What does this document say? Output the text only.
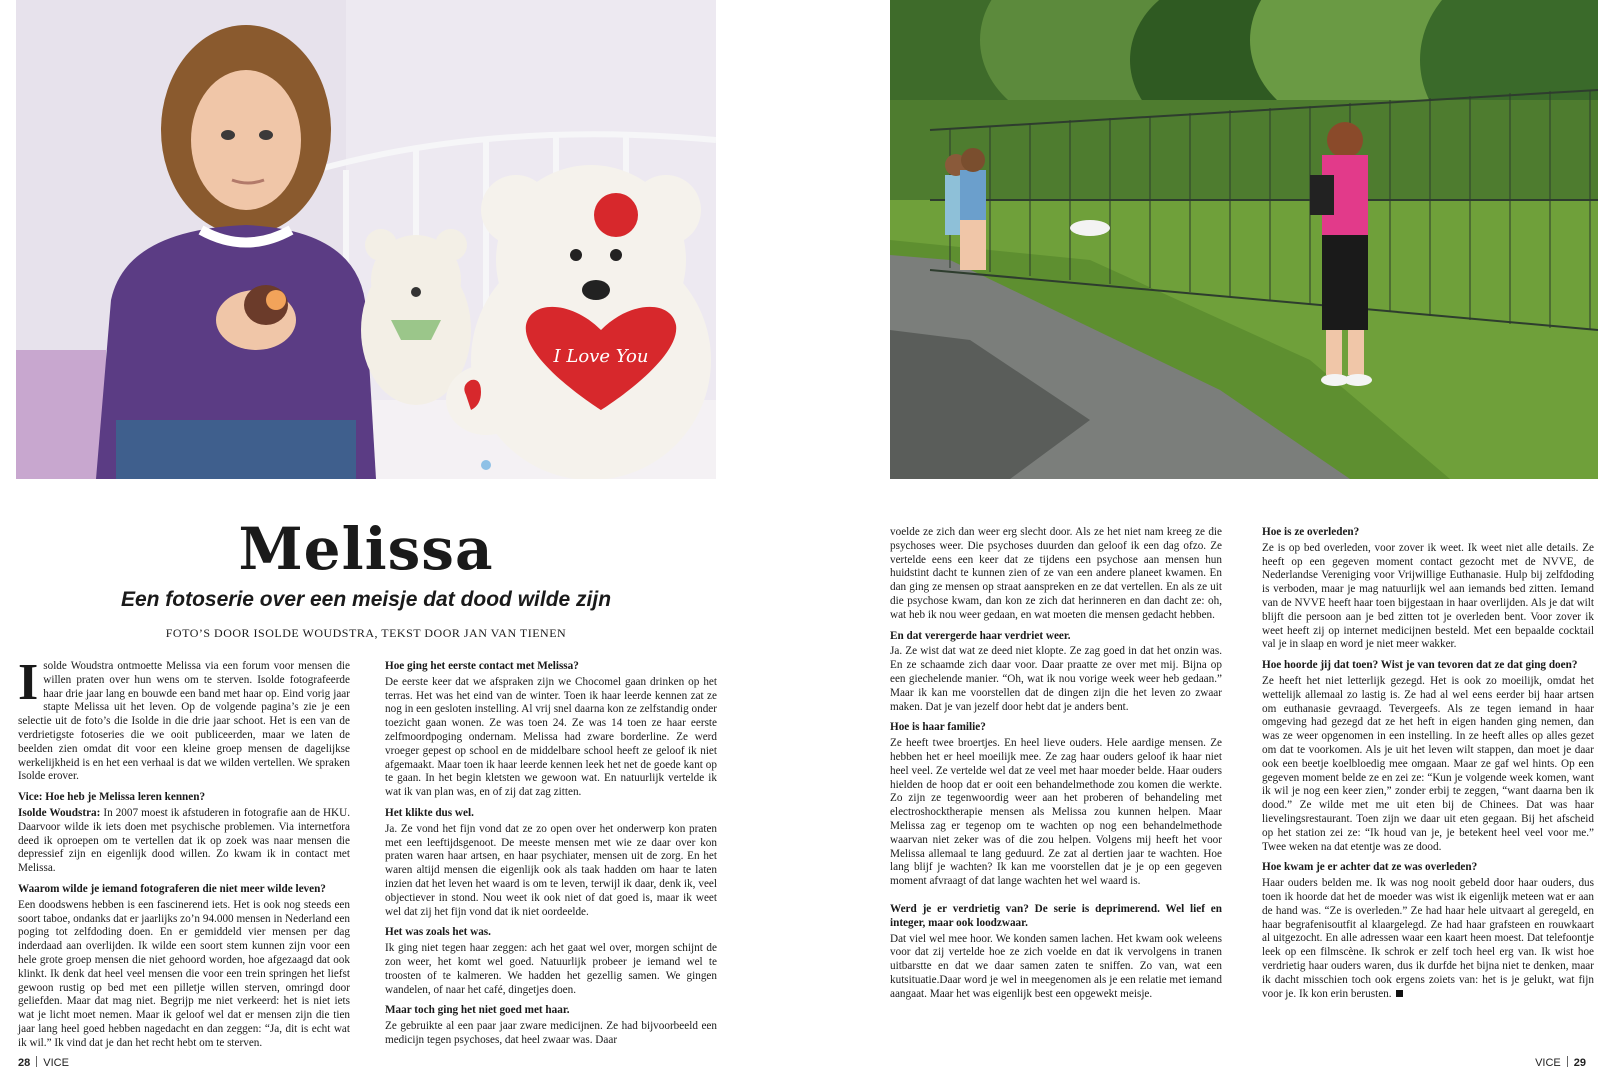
I Love You
Melissa

Een fotoserie over een meisje dat dood wilde zijn

FOTO’S DOOR ISOLDE WOUDSTRA, TEKST DOOR JAN VAN TIENEN

Isolde Woudstra ontmoette Melissa via een forum voor mensen die willen praten over hun wens om te sterven. Isolde fotografeerde haar drie jaar lang en bouwde een band met haar op. Eind vorig jaar stapte Melissa uit het leven. Op de volgende pagina’s zie je een selectie uit de foto’s die Isolde in die drie jaar schoot. Het is een van de verdrietigste fotoseries die we ooit publiceerden, maar we laten de beelden zien omdat dit voor een kleine groep mensen de dagelijkse werkelijkheid is en het een verhaal is dat we wilden vertellen. We spraken Isolde erover.

Vice: Hoe heb je Melissa leren kennen?

Isolde Woudstra: In 2007 moest ik afstuderen in fotografie aan de HKU. Daarvoor wilde ik iets doen met psychische problemen. Via internetfora deed ik oproepen om te vertellen dat ik op zoek was naar mensen die depressief zijn en eigenlijk dood willen. Zo kwam ik in contact met Melissa.

Waarom wilde je iemand fotograferen die niet meer wilde leven?

Een doodswens hebben is een fascinerend iets. Het is ook nog steeds een soort taboe, ondanks dat er jaarlijks zo’n 94.000 mensen in Nederland een poging tot zelfdoding doen. En er gemiddeld vier mensen per dag inderdaad aan overlijden. Ik wilde een soort stem kunnen zijn voor een hele grote groep mensen die niet gehoord worden, hoe afgezaagd dat ook klinkt. Ik denk dat heel veel mensen die voor een trein springen het liefst gewoon rustig op bed met een pilletje willen sterven, omringd door geliefden. Maar dat mag niet. Begrijp me niet verkeerd: het is niet iets wat je licht moet nemen. Maar ik geloof wel dat er mensen zijn die tien jaar lang heel goed hebben nagedacht en dan zeggen: “Ja, dit is echt wat ik wil.” Ik vind dat je dan het recht hebt om te sterven.

Hoe ging het eerste contact met Melissa?

De eerste keer dat we afspraken zijn we Chocomel gaan drinken op het terras. Het was het eind van de winter. Toen ik haar leerde kennen zat ze nog in een gesloten instelling. Al vrij snel daarna kon ze zelfstandig onder toezicht gaan wonen. Ze was toen 24. Ze was 14 toen ze haar eerste zelfmoordpoging ondernam. Melissa had zware borderline. Ze werd vroeger gepest op school en de middelbare school heeft ze geloof ik niet afgemaakt. Maar toen ik haar leerde kennen leek het net de goede kant op te gaan. In het begin kletsten we gewoon wat. En natuurlijk vertelde ik wat ik van plan was, en of zij dat zag zitten.

Het klikte dus wel.

Ja. Ze vond het fijn vond dat ze zo open over het onderwerp kon praten met een leeftijdsgenoot. De meeste mensen met wie ze daar over kon praten waren haar artsen, en haar psychiater, mensen uit de zorg. En het waren altijd mensen die eigenlijk ook als taak hadden om haar te laten inzien dat het leven het waard is om te leven, terwijl ik daar, denk ik, veel objectiever in stond. Nou weet ik ook niet of dat goed is, maar ik weet wel dat zij het fijn vond dat ik niet oordeelde.

Het was zoals het was.

Ik ging niet tegen haar zeggen: ach het gaat wel over, morgen schijnt de zon weer, het komt wel goed. Natuurlijk probeer je iemand wel te troosten of te kalmeren. We hadden het gezellig samen. We gingen wandelen, of naar het café, dingetjes doen.

Maar toch ging het niet goed met haar.

Ze gebruikte al een paar jaar zware medicijnen. Ze had bijvoorbeeld een medicijn tegen psychoses, dat heel zwaar was. Daar

voelde ze zich dan weer erg slecht door. Als ze het niet nam kreeg ze die psychoses weer. Die psychoses duurden dan geloof ik een dag ofzo. Ze vertelde eens een keer dat ze tijdens een psychose aan mensen hun huidstint dacht te kunnen zien of ze van een andere planeet kwamen. En dan ging ze mensen op straat aanspreken en ze dat vertellen. En als ze uit die psychose kwam, dan kon ze zich dat herinneren en dan dacht ze: oh, wat heb ik nou weer gedaan, en wat moeten die mensen gedacht hebben.

En dat verergerde haar verdriet weer.

Ja. Ze wist dat wat ze deed niet klopte. Ze zag goed in dat het onzin was. En ze schaamde zich daar voor. Daar praatte ze over met mij. Bijna op een giechelende manier. “Oh, wat ik nou vorige week weer heb gedaan.” Maar ik kan me voorstellen dat de dingen zijn die het leven zo zwaar maken. Dat je van jezelf door hebt dat je anders bent.

Hoe is haar familie?

Ze heeft twee broertjes. En heel lieve ouders. Hele aardige mensen. Ze hebben het er heel moeilijk mee. Ze zag haar ouders geloof ik haar niet heel veel. Ze vertelde wel dat ze veel met haar moeder belde. Haar ouders hielden de hoop dat er ooit een behandelmethode zou komen die werkte. Zo zijn ze tegenwoordig weer aan het proberen of behandeling met electroshocktherapie mensen als Melissa zou kunnen helpen. Maar Melissa zag er tegenop om te wachten op nog een behandelmethode waarvan niet zeker was of die zou helpen. Volgens mij heeft het voor Melissa allemaal te lang geduurd. Ze zat al dertien jaar te wachten. Hoe lang blijf je wachten? Ik kan me voorstellen dat je je op een gegeven moment afvraagt of dat lange wachten het wel waard is.

Werd je er verdrietig van? De serie is deprimerend. Wel lief en integer, maar ook loodzwaar.

Dat viel wel mee hoor. We konden samen lachen. Het kwam ook weleens voor dat zij vertelde hoe ze zich voelde en dat ik vervolgens in tranen uitbarstte en dat we daar samen zaten te sniffen. Zo van, wat een kutsituatie.Daar word je wel in meegenomen als je een relatie met iemand aangaat. Maar het was eigenlijk best een opgewekt meisje.

Hoe is ze overleden?

Ze is op bed overleden, voor zover ik weet. Ik weet niet alle details. Ze heeft op een gegeven moment contact gezocht met de NVVE, de Nederlandse Vereniging voor Vrijwillige Euthanasie. Hulp bij zelfdoding is verboden, maar je mag natuurlijk wel aan iemands bed zitten. Iemand van de NVVE heeft haar toen bijgestaan in haar overlijden. Als je dat wilt blijft die persoon aan je bed zitten tot je overleden bent. Voor zover ik weet heeft zij op internet medicijnen besteld. Met een bepaalde cocktail val je in slaap en word je niet meer wakker.

Hoe hoorde jij dat toen? Wist je van tevoren dat ze dat ging doen?

Ze heeft het niet letterlijk gezegd. Het is ook zo moeilijk, omdat het wettelijk allemaal zo lastig is. Ze had al wel eens eerder bij haar artsen om euthanasie gevraagd. Tevergeefs. Als ze tegen iemand in haar omgeving had gezegd dat ze het heft in eigen handen ging nemen, dan was ze weer opgenomen in een instelling. In ze heeft alles op alles gezet om dat te voorkomen. Als je uit het leven wilt stappen, dan moet je daar ook een beetje koelbloedig mee omgaan. Maar ze gaf wel hints. Op een gegeven moment belde ze en zei ze: “Kun je volgende week komen, want ik wil je nog een keer zien,” zonder erbij te zeggen, “want daarna ben ik dood.” Ze wilde met me uit eten bij de Chinees. Dat was haar lievelingsrestaurant. Toen zijn we daar uit eten gegaan. Bij het afscheid op het station zei ze: “Ik houd van je, je betekent heel veel voor me.” Twee weken na dat etentje was ze dood.

Hoe kwam je er achter dat ze was overleden?

Haar ouders belden me. Ik was nog nooit gebeld door haar ouders, dus toen ik hoorde dat het de moeder was wist ik eigenlijk meteen wat er aan de hand was. “Ze is overleden.” Ze had haar hele uitvaart al geregeld, en haar begrafenisoutfit al klaargelegd. Ze had haar grafsteen en rouwkaart al uitgezocht. En alle adressen waar een kaart heen moest. Dat telefoontje leek op een filmscène. Ik schrok er zelf toch heel erg van. Ik wist hoe verdrietig haar ouders waren, dus ik durfde het bijna niet te denken, maar ik dacht misschien toch ook ergens zoiets van: het is je gelukt, wat fijn voor je. Ik kon erin berusten.

28 VICE	VICE 29
